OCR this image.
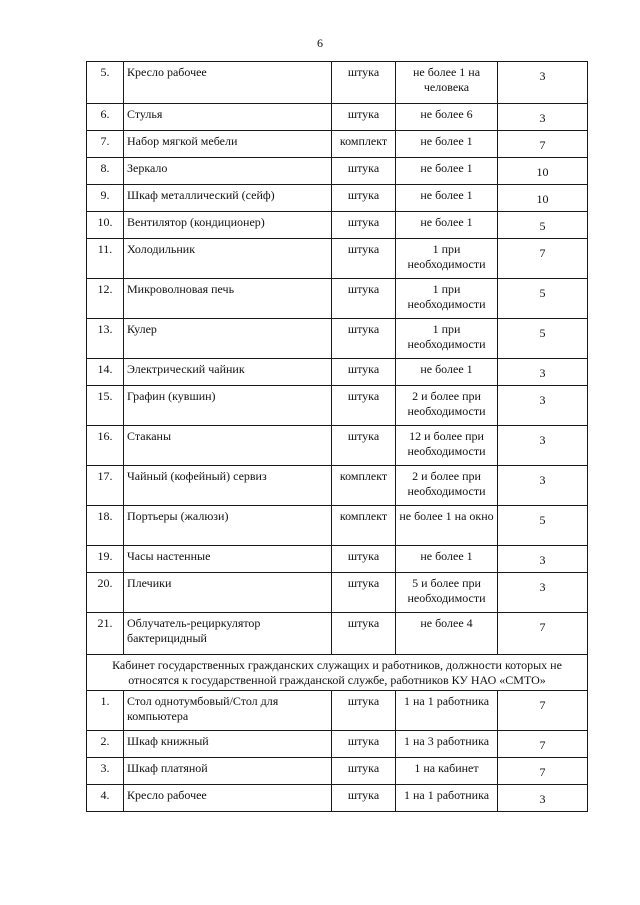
6
5.	Кресло рабочее	штука	не более 1 на человека	3
6.	Стулья	штука	не более 6	3
7.	Набор мягкой мебели	комплект	не более 1	7
8.	Зеркало	штука	не более 1	10
9.	Шкаф металлический (сейф)	штука	не более 1	10
10.	Вентилятор (кондиционер)	штука	не более 1	5
11.	Холодильник	штука	1 при необходимости	7
12.	Микроволновая печь	штука	1 при необходимости	5
13.	Кулер	штука	1 при необходимости	5
14.	Электрический чайник	штука	не более 1	3
15.	Графин (кувшин)	штука	2 и более при необходимости	3
16.	Стаканы	штука	12 и более при необходимости	3
17.	Чайный (кофейный) сервиз	комплект	2 и более при необходимости	3
18.	Портьеры (жалюзи)	комплект	не более 1 на окно	5
19.	Часы настенные	штука	не более 1	3
20.	Плечики	штука	5 и более при необходимости	3
21.	Облучатель-рециркулятор бактерицидный	штука	не более 4	7
Кабинет государственных гражданских служащих и работников, должности которых не относятся к государственной гражданской службе, работников КУ НАО «СМТО»				
1.	Стол однотумбовый/Стол для компьютера	штука	1 на 1 работника	7
2.	Шкаф книжный	штука	1 на 3 работника	7
3.	Шкаф платяной	штука	1 на кабинет	7
4.	Кресло рабочее	штука	1 на 1 работника	3
